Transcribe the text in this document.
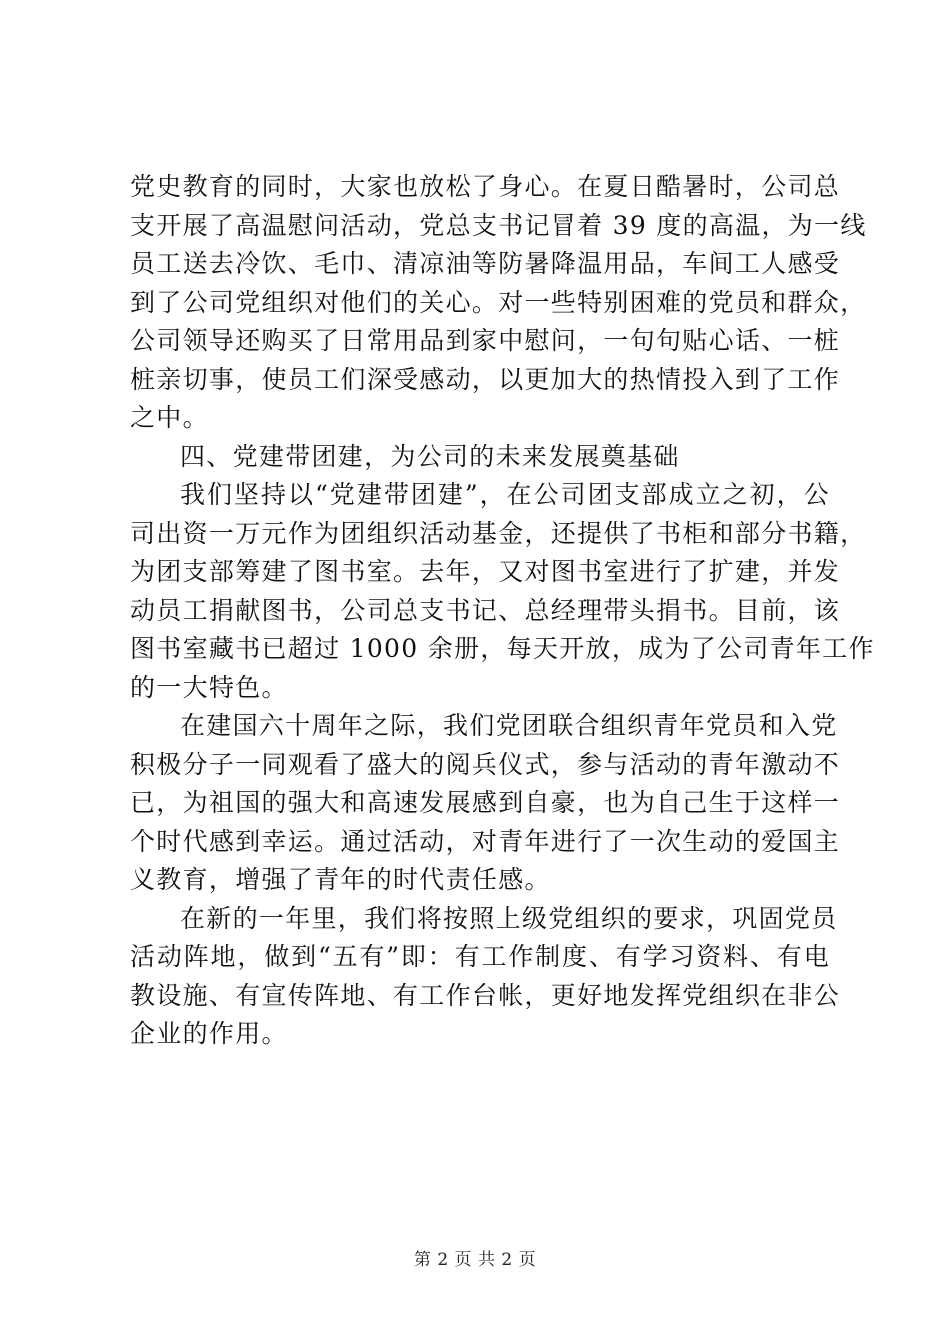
党史教育的同时，大家也放松了身心。在夏日酷暑时，公司总
支开展了高温慰问活动，党总支书记冒着 39 度的高温，为一线
员工送去冷饮、毛巾、清凉油等防暑降温用品，车间工人感受
到了公司党组织对他们的关心。对一些特别困难的党员和群众，
公司领导还购买了日常用品到家中慰问，一句句贴心话、一桩
桩亲切事，使员工们深受感动，以更加大的热情投入到了工作
之中。
四、党建带团建，为公司的未来发展奠基础
我们坚持以“党建带团建”，在公司团支部成立之初，公
司出资一万元作为团组织活动基金，还提供了书柜和部分书籍，
为团支部筹建了图书室。去年，又对图书室进行了扩建，并发
动员工捐献图书，公司总支书记、总经理带头捐书。目前，该
图书室藏书已超过 1000 余册，每天开放，成为了公司青年工作
的一大特色。
在建国六十周年之际，我们党团联合组织青年党员和入党
积极分子一同观看了盛大的阅兵仪式，参与活动的青年激动不
已，为祖国的强大和高速发展感到自豪，也为自己生于这样一
个时代感到幸运。通过活动，对青年进行了一次生动的爱国主
义教育，增强了青年的时代责任感。
在新的一年里，我们将按照上级党组织的要求，巩固党员
活动阵地，做到“五有”即：有工作制度、有学习资料、有电
教设施、有宣传阵地、有工作台帐，更好地发挥党组织在非公
企业的作用。
第 2 页 共 2 页
